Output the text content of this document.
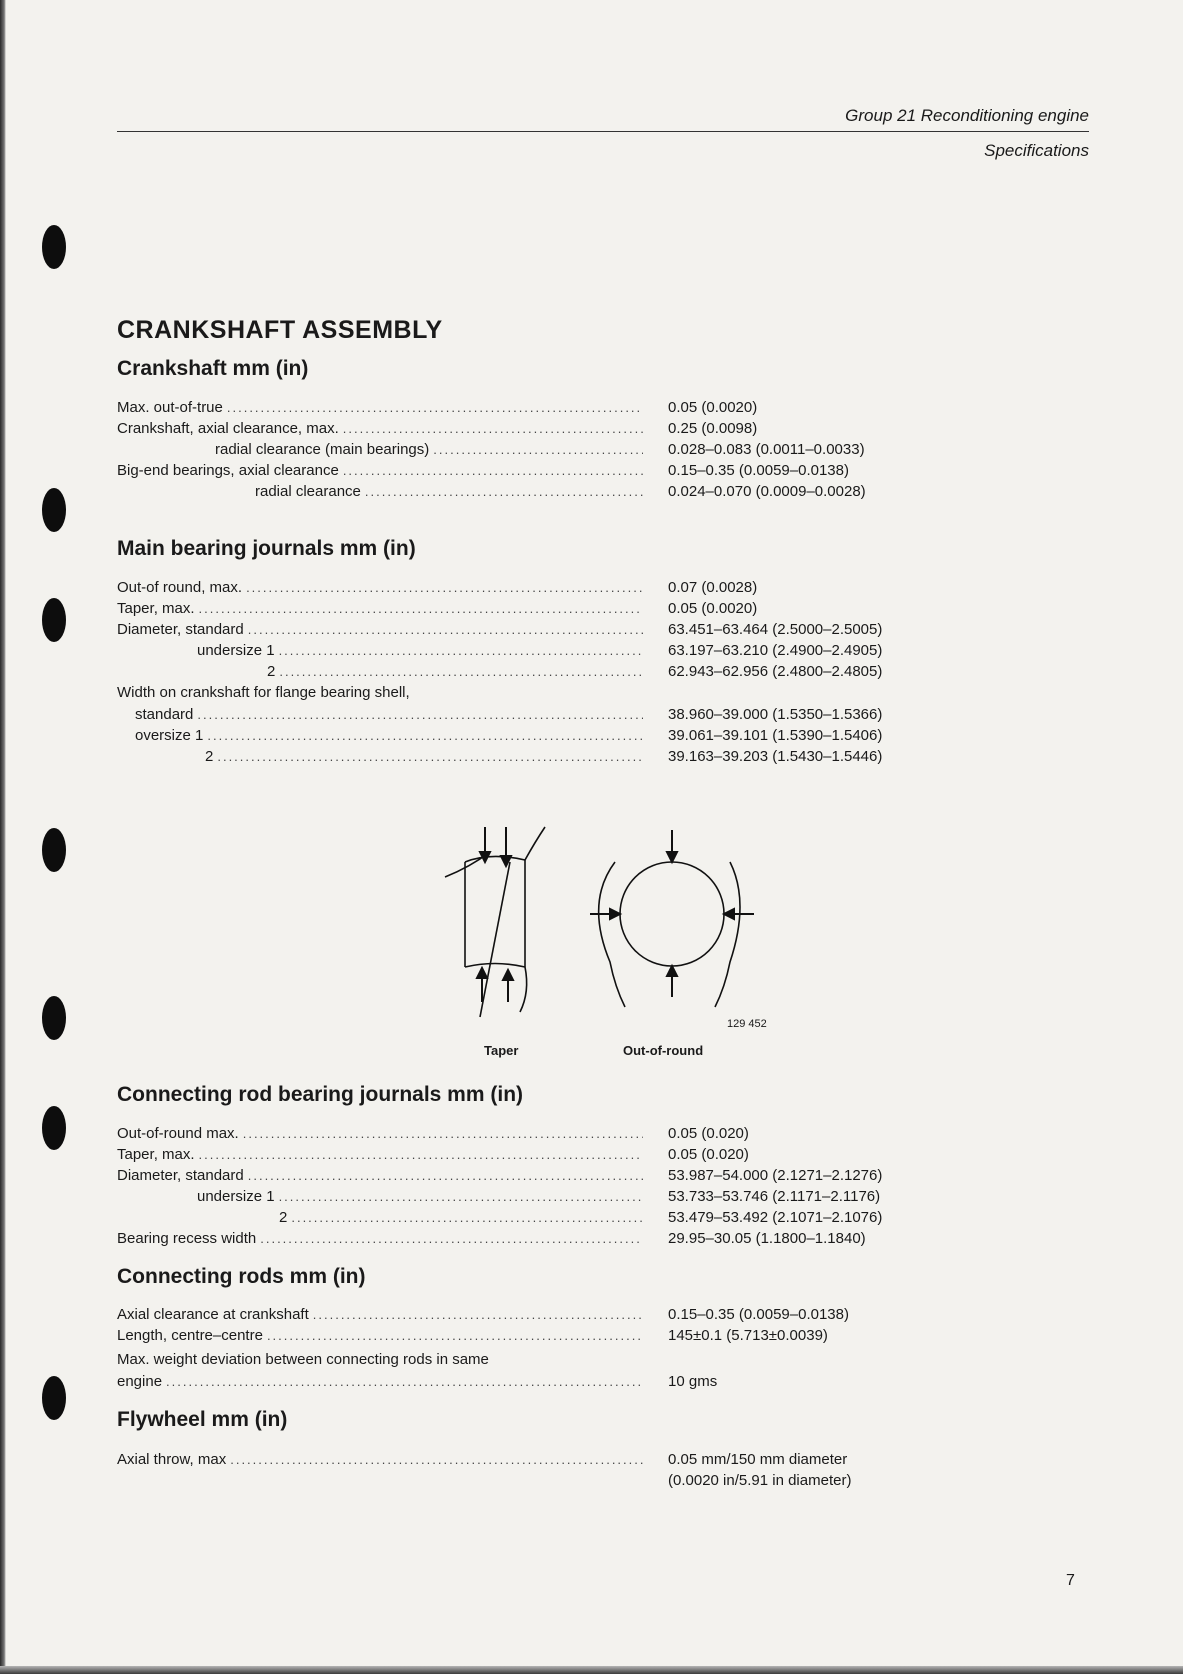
Group 21 Reconditioning engine
Specifications
CRANKSHAFT ASSEMBLY
Crankshaft mm (in)
Max. out-of-true .....	0.05 (0.0020)
Crankshaft, axial clearance, max. .....	0.25 (0.0098)
radial clearance (main bearings) .....	0.028–0.083 (0.0011–0.0033)
Big-end bearings, axial clearance .....	0.15–0.35 (0.0059–0.0138)
radial clearance .....	0.024–0.070 (0.0009–0.0028)
Main bearing journals mm (in)
Out-of round, max. .....	0.07 (0.0028)
Taper, max. .....	0.05 (0.0020)
Diameter, standard .....	63.451–63.464 (2.5000–2.5005)
undersize 1 .....	63.197–63.210 (2.4900–2.4905)
2 .....	62.943–62.956 (2.4800–2.4805)
Width on crankshaft for flange bearing shell,
standard .....	38.960–39.000 (1.5350–1.5366)
oversize 1 .....	39.061–39.101 (1.5390–1.5406)
2 .....	39.163–39.203 (1.5430–1.5446)
129 452
Taper	Out-of-round
Connecting rod bearing journals mm (in)
Out-of-round max. .....	0.05 (0.020)
Taper, max. .....	0.05 (0.020)
Diameter, standard .....	53.987–54.000 (2.1271–2.1276)
undersize 1 .....	53.733–53.746 (2.1171–2.1176)
2 .....	53.479–53.492 (2.1071–2.1076)
Bearing recess width .....	29.95–30.05 (1.1800–1.1840)
Connecting rods mm (in)
Axial clearance at crankshaft .....	0.15–0.35 (0.0059–0.0138)
Length, centre–centre .....	145±0.1 (5.713±0.0039)
Max. weight deviation between connecting rods in same
engine .....	10 gms
Flywheel mm (in)
Axial throw, max .....	0.05 mm/150 mm diameter
(0.0020 in/5.91 in diameter)
7
